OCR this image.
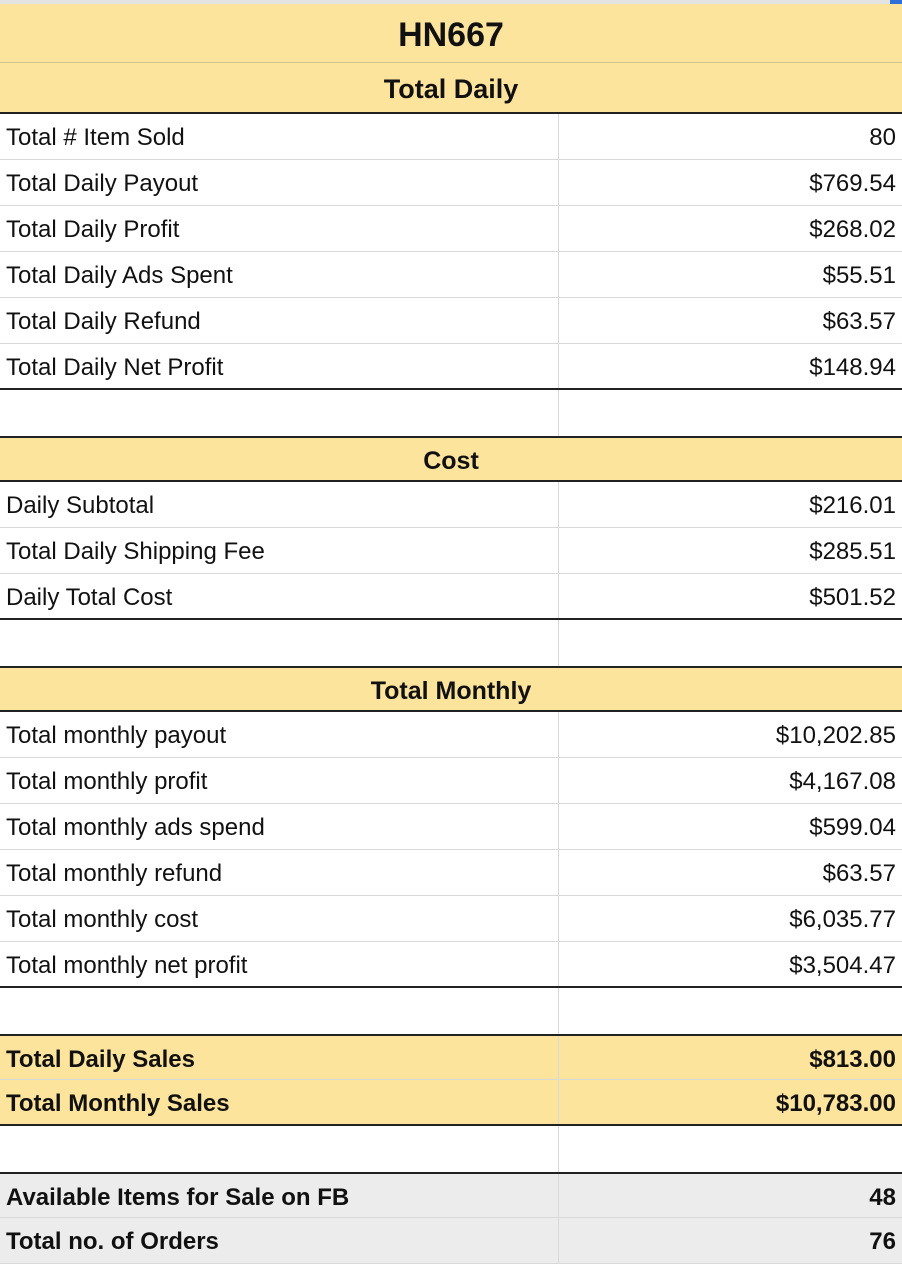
HN667
Total Daily
Total # Item Sold	80
Total Daily Payout	$769.54
Total Daily Profit	$268.02
Total Daily Ads Spent	$55.51
Total Daily Refund	$63.57
Total Daily Net Profit	$148.94
Cost
Daily Subtotal	$216.01
Total Daily Shipping Fee	$285.51
Daily Total Cost	$501.52
Total Monthly
Total monthly payout	$10,202.85
Total monthly profit	$4,167.08
Total monthly ads spend	$599.04
Total monthly refund	$63.57
Total monthly cost	$6,035.77
Total monthly net profit	$3,504.47
Total Daily Sales	$813.00
Total Monthly Sales	$10,783.00
Available Items for Sale on FB	48
Total no. of Orders	76
